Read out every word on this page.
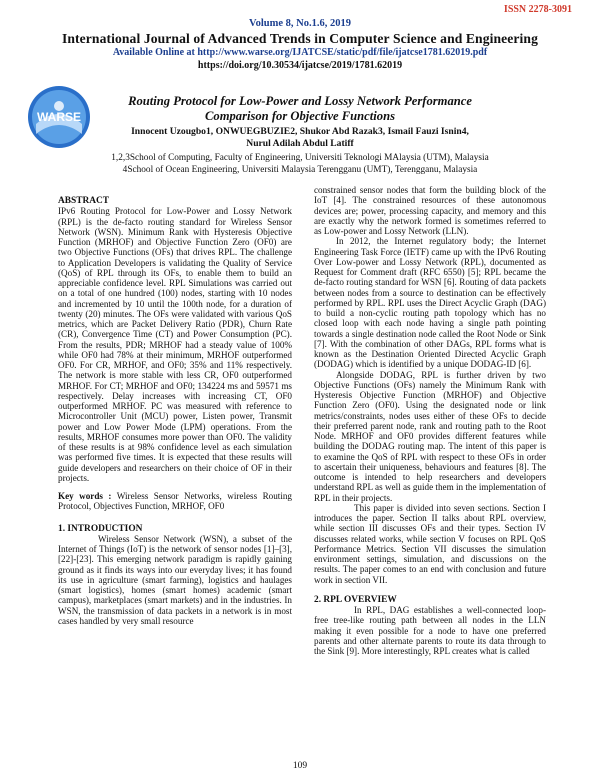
ISSN 2278-3091
Volume 8, No.1.6, 2019
International Journal of Advanced Trends in Computer Science and Engineering
Available Online at http://www.warse.org/IJATCSE/static/pdf/file/ijatcse1781.62019.pdf
https://doi.org/10.30534/ijatcse/2019/1781.62019
WARSE
Routing Protocol for Low-Power and Lossy Network Performance Comparison for Objective Functions
Innocent Uzougbo1, ONWUEGBUZIE2, Shukor Abd Razak3, Ismail Fauzi Isnin4,
Nurul Adilah Abdul Latiff
1,2,3School of Computing, Faculty of Engineering, Universiti Teknologi MAlaysia (UTM), Malaysia
4School of Ocean Engineering, Universiti Malaysia Terengganu (UMT), Terengganu, Malaysia

ABSTRACT

IPv6 Routing Protocol for Low-Power and Lossy Network (RPL) is the de-facto routing standard for Wireless Sensor Network (WSN). Minimum Rank with Hysteresis Objective Function (MRHOF) and Objective Function Zero (OF0) are two Objective Functions (OFs) that drives RPL. The challenge to Application Developers is validating the Quality of Service (QoS) of RPL through its OFs, to enable them to build an appreciable confidence level. RPL Simulations was carried out on a total of one hundred (100) nodes, starting with 10 nodes and incremented by 10 until the 100th node, for a duration of twenty (20) minutes. The OFs were validated with various QoS metrics, which are Packet Delivery Ratio (PDR), Churn Rate (CR), Convergence Time (CT) and Power Consumption (PC). From the results, PDR; MRHOF had a steady value of 100% while OF0 had 78% at their minimum, MRHOF outperformed OF0. For CR, MRHOF, and OF0; 35% and 11% respectively. The network is more stable with less CR, OF0 outperformed MRHOF. For CT; MRHOF and OF0; 134224 ms and 59571 ms respectively. Delay increases with increasing CT, OF0 outperformed MRHOF. PC was measured with reference to Microcontroller Unit (MCU) power, Listen power, Transmit power and Low Power Mode (LPM) operations. From the results, MRHOF consumes more power than OF0. The validity of these results is at 98% confidence level as each simulation was performed five times. It is expected that these results will guide developers and researchers on their choice of OF in their projects.

Key words : Wireless Sensor Networks, wireless Routing Protocol, Objectives Function, MRHOF, OF0

1. INTRODUCTION

Wireless Sensor Network (WSN), a subset of the Internet of Things (IoT) is the network of sensor nodes [1]–[3], [22]-[23]. This emerging network paradigm is rapidly gaining ground as it finds its ways into our everyday lives; it has found its use in agriculture (smart farming), logistics and haulages (smart logistics), homes (smart homes) academic (smart campus), marketplaces (smart markets) and in the industries. In WSN, the transmission of data packets in a network is in most cases handled by very small resource

constrained sensor nodes that form the building block of the IoT [4]. The constrained resources of these autonomous devices are; power, processing capacity, and memory and this are exactly why the network formed is sometimes referred to as Low-power and Lossy Network (LLN).

In 2012, the Internet regulatory body; the Internet Engineering Task Force (IETF) came up with the IPv6 Routing Over Low-power and Lossy Network (RPL), documented as Request for Comment draft (RFC 6550) [5]; RPL became the de-facto routing standard for WSN [6]. Routing of data packets between nodes from a source to destination can be effectively performed by RPL. RPL uses the Direct Acyclic Graph (DAG) to build a non-cyclic routing path topology which has no closed loop with each node having a single path pointing towards a single destination node called the Root Node or Sink [7]. With the combination of other DAGs, RPL forms what is known as the Destination Oriented Directed Acyclic Graph (DODAG) which is identified by a unique DODAG-ID [6].

Alongside DODAG, RPL is further driven by two Objective Functions (OFs) namely the Minimum Rank with Hysteresis Objective Function (MRHOF) and Objective Function Zero (OF0). Using the designated node or link metrics/constraints, nodes uses either of these OFs to decide their preferred parent node, rank and routing path to the Root Node. MRHOF and OF0 provides different features while building the DODAG routing map. The intent of this paper is to examine the QoS of RPL with respect to these OFs in order to ascertain their uniqueness, behaviours and features [8]. The outcome is intended to help researchers and developers understand RPL as well as guide them in the implementation of RPL in their projects.

This paper is divided into seven sections. Section I introduces the paper. Section II talks about RPL overview, while section III discusses OFs and their types. Section IV discusses related works, while section V focuses on RPL QoS Performance Metrics. Section VII discusses the simulation environment settings, simulation, and discussions on the results. The paper comes to an end with conclusion and future work in section VII.

2. RPL OVERVIEW

In RPL, DAG establishes a well-connected loop-free tree-like routing path between all nodes in the LLN making it even possible for a node to have one preferred parents and other alternate parents to route its data through to the Sink [9]. More interestingly, RPL creates what is called

109
